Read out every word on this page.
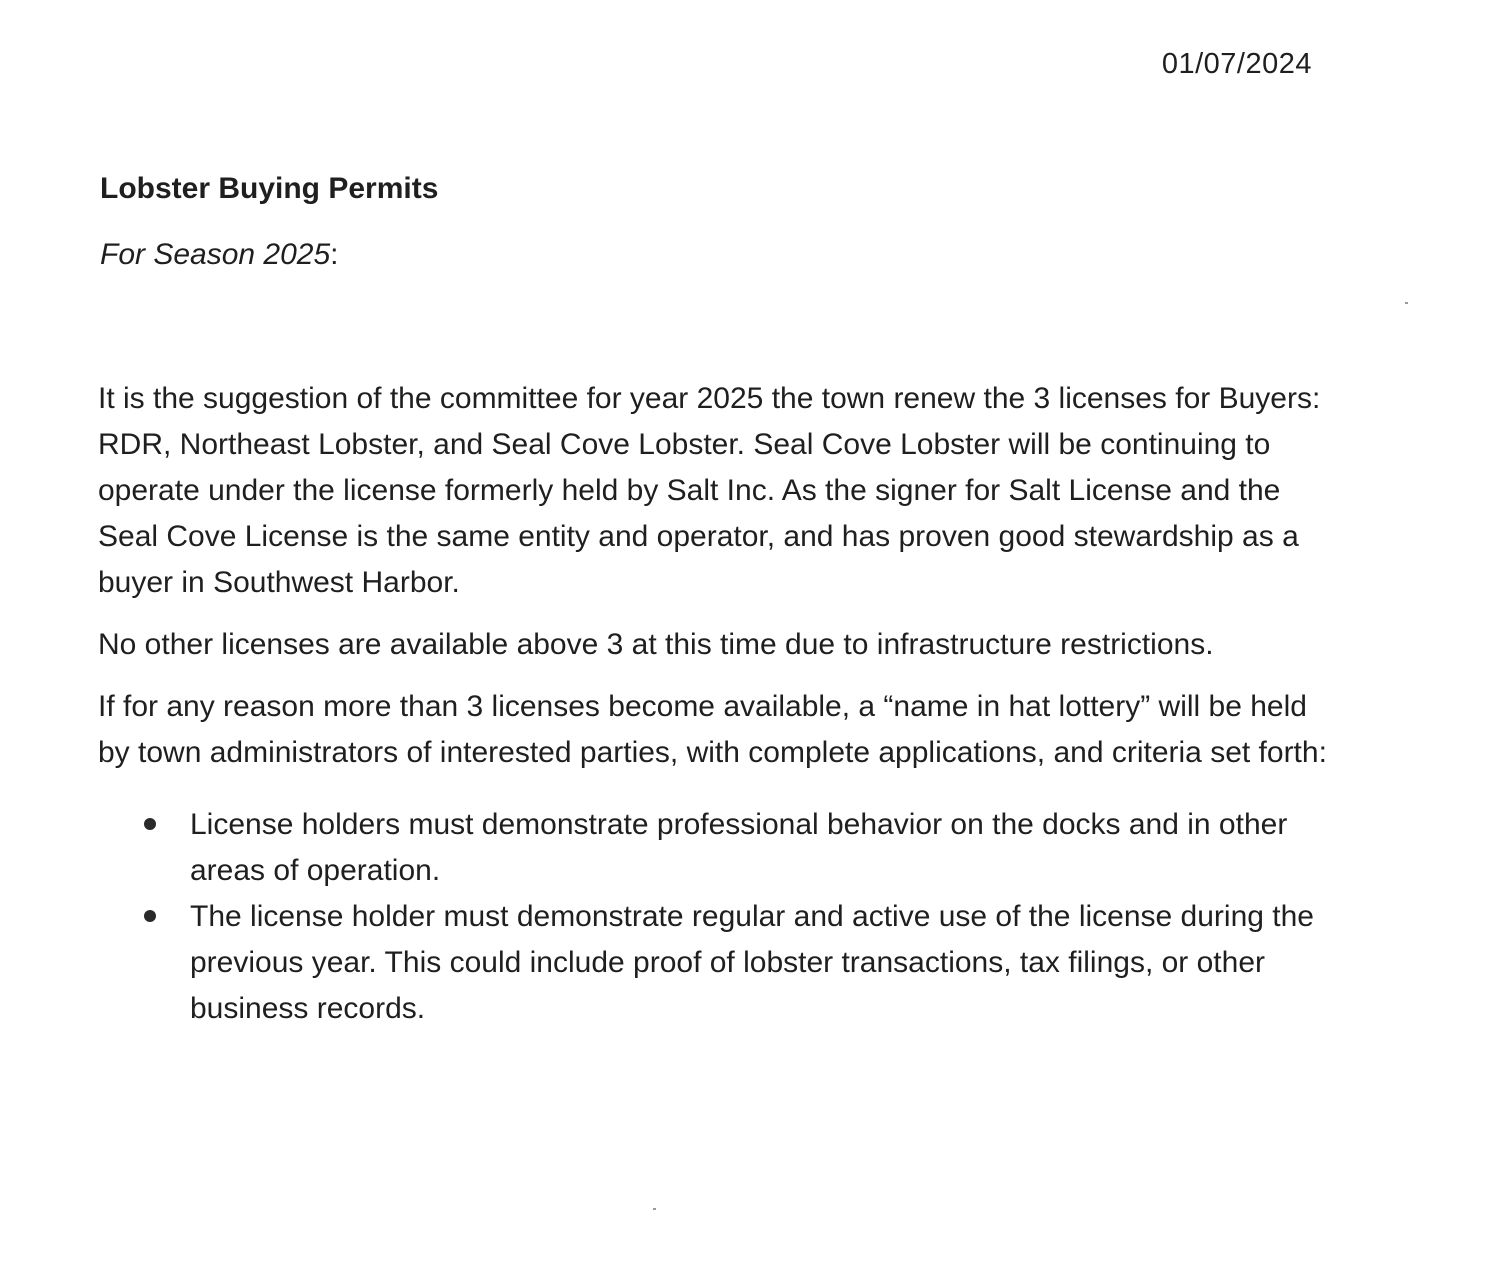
01/07/2024
Lobster Buying Permits

For Season 2025:

It is the suggestion of the committee for year 2025 the town renew the 3 licenses for Buyers: RDR, Northeast Lobster, and Seal Cove Lobster. Seal Cove Lobster will be continuing to operate under the license formerly held by Salt Inc. As the signer for Salt License and the Seal Cove License is the same entity and operator, and has proven good stewardship as a buyer in Southwest Harbor.

No other licenses are available above 3 at this time due to infrastructure restrictions.

If for any reason more than 3 licenses become available, a “name in hat lottery” will be held by town administrators of interested parties, with complete applications, and criteria set forth:

License holders must demonstrate professional behavior on the docks and in other areas of operation.
The license holder must demonstrate regular and active use of the license during the previous year. This could include proof of lobster transactions, tax filings, or other business records.
